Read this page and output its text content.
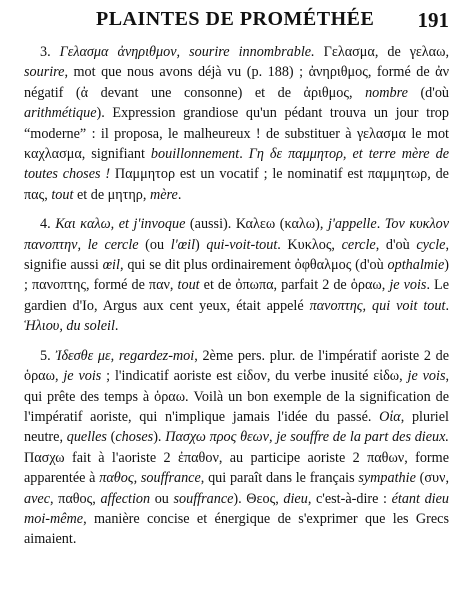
PLAINTES DE PROMÉTHÉE 191

3. Γελασμα ἀνηριθμον, sourire innombrable. Γελασμα, de γελαω, sourire, mot que nous avons déjà vu (p. 188) ; ἀνηριθμος, formé de ἀν négatif (ἀ devant une consonne) et de ἀριθμος, nombre (d'où arithmétique). Expression grandiose qu'un pédant trouva un jour trop “moderne” : il proposa, le malheureux ! de substituer à γελασμα le mot καχλασμα, signifiant bouillonnement. Γη δε παμμητορ, et terre mère de toutes choses ! Παμμητορ est un vocatif ; le nominatif est παμμητωρ, de πας, tout et de μητηρ, mère.

4. Και καλω, et j'invoque (aussi). Καλεω (καλω), j'appelle. Τον κυκλον πανοπτην, le cercle (ou l'œil) qui-voit-tout. Κυκλος, cercle, d'où cycle, signifie aussi œil, qui se dit plus ordinairement ὀφθαλμος (d'où opthalmie) ; πανοπτης, formé de παν, tout et de ὀπωπα, parfait 2 de ὁραω, je vois. Le gardien d'Io, Argus aux cent yeux, était appelé πανοπτης, qui voit tout. Ἡλιου, du soleil.

5. Ἰδεσθε με, regardez-moi, 2ème pers. plur. de l'impératif aoriste 2 de ὁραω, je vois ; l'indicatif aoriste est εἰδον, du verbe inusité εἰδω, je vois, qui prête des temps à ὁραω. Voilà un bon exemple de la signification de l'impératif aoriste, qui n'implique jamais l'idée du passé. Οἱα, pluriel neutre, quelles (choses). Πασχω προς θεων, je souffre de la part des dieux. Πασχω fait à l'aoriste 2 ἐπαθον, au participe aoriste 2 παθων, forme apparentée à παθος, souffrance, qui paraît dans le français sympathie (συν, avec, παθος, affection ou souffrance). Θεος, dieu, c'est-à-dire : étant dieu moi-même, manière concise et énergique de s'exprimer que les Grecs aimaient.
